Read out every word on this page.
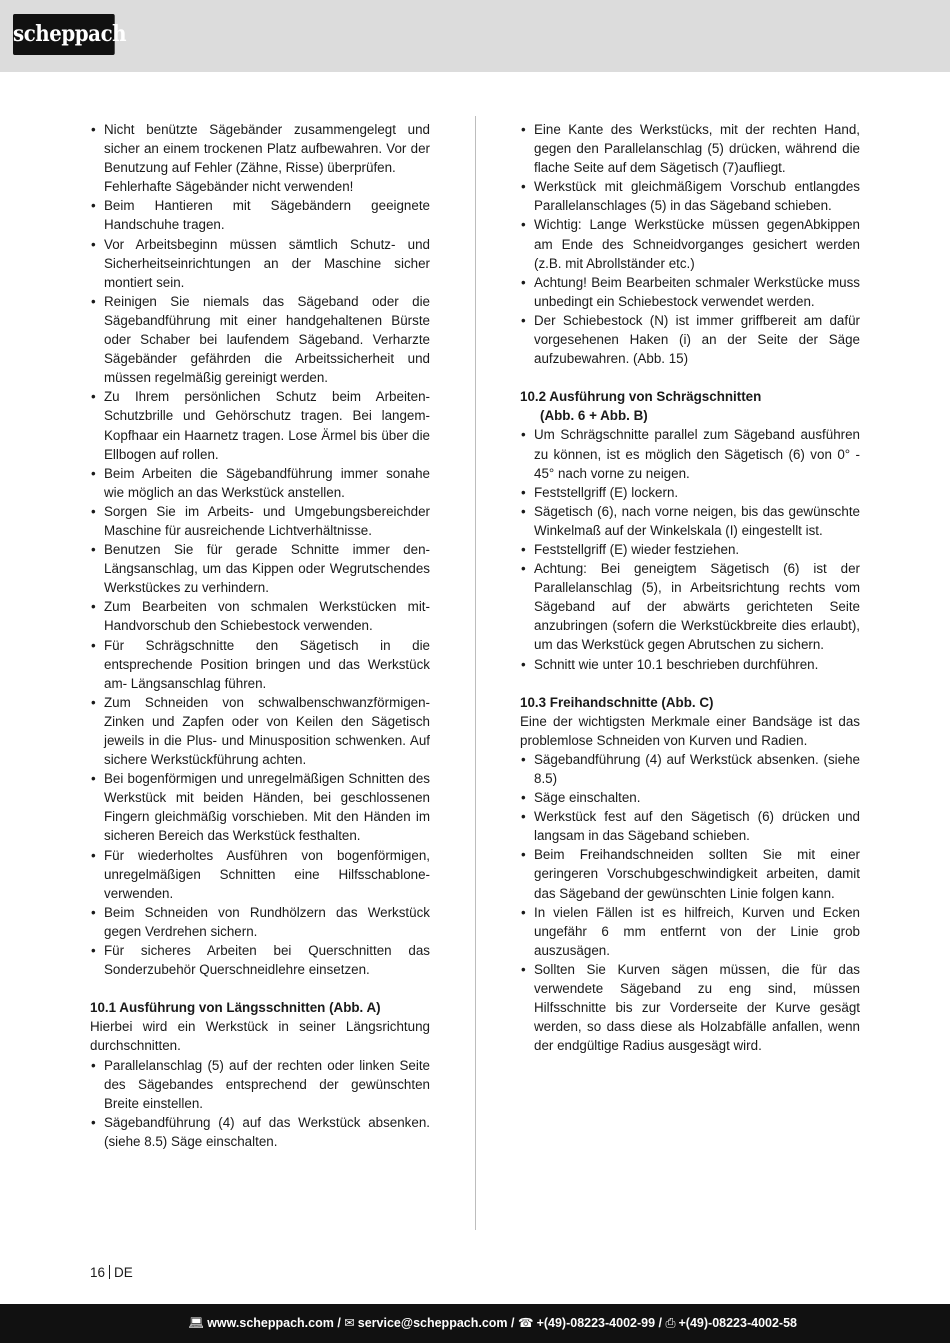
scheppach
• Nicht benützte Sägebänder zusammengelegt und sicher an einem trockenen Platz aufbewahren. Vor der Benutzung auf Fehler (Zähne, Risse) überprüfen.
Fehlerhafte Sägebänder nicht verwenden!
• Beim Hantieren mit Sägebändern geeignete Handschuhe tragen.
• Vor Arbeitsbeginn müssen sämtlich Schutz- und Sicherheitseinrichtungen an der Maschine sicher montiert sein.
• Reinigen Sie niemals das Sägeband oder die Sägebandführung mit einer handgehaltenen Bürste oder Schaber bei laufendem Sägeband. Verharzte Sägebänder gefährden die Arbeitssicherheit und müssen regelmäßig gereinigt werden.
• Zu Ihrem persönlichen Schutz beim Arbeiten- Schutzbrille und Gehörschutz tragen. Bei langem- Kopfhaar ein Haarnetz tragen. Lose Ärmel bis über die Ellbogen auf rollen.
• Beim Arbeiten die Sägebandführung immer sonahe wie möglich an das Werkstück anstellen.
• Sorgen Sie im Arbeits- und Umgebungsbereichder Maschine für ausreichende Lichtverhältnisse.
• Benutzen Sie für gerade Schnitte immer den- Längsanschlag, um das Kippen oder Wegrutschendes Werkstückes zu verhindern.
• Zum Bearbeiten von schmalen Werkstücken mit- Handvorschub den Schiebestock verwenden.
• Für Schrägschnitte den Sägetisch in die entsprechende Position bringen und das Werkstück am- Längsanschlag führen.
• Zum Schneiden von schwalbenschwanzförmigen- Zinken und Zapfen oder von Keilen den Sägetisch jeweils in die Plus- und Minusposition schwenken. Auf sichere Werkstückführung achten.
• Bei bogenförmigen und unregelmäßigen Schnitten des Werkstück mit beiden Händen, bei geschlossenen Fingern gleichmäßig vorschieben. Mit den Händen im sicheren Bereich das Werkstück festhalten.
• Für wiederholtes Ausführen von bogenförmigen, unregelmäßigen Schnitten eine Hilfsschablone- verwenden.
• Beim Schneiden von Rundhölzern das Werkstück gegen Verdrehen sichern.
• Für sicheres Arbeiten bei Querschnitten das Sonderzubehör Querschneidlehre einsetzen.
10.1 Ausführung von Längsschnitten (Abb. A)
Hierbei wird ein Werkstück in seiner Längsrichtung durchschnitten.
• Parallelanschlag (5) auf der rechten oder linken Seite des Sägebandes entsprechend der gewünschten Breite einstellen.
• Sägebandführung (4) auf das Werkstück absenken. (siehe 8.5) Säge einschalten.
• Eine Kante des Werkstücks, mit der rechten Hand, gegen den Parallelanschlag (5) drücken, während die flache Seite auf dem Sägetisch (7)aufliegt.
• Werkstück mit gleichmäßigem Vorschub entlangdes Parallelanschlages (5) in das Sägeband schieben.
• Wichtig: Lange Werkstücke müssen gegenAbkippen am Ende des Schneidvorganges gesichert werden (z.B. mit Abrollständer etc.)
• Achtung! Beim Bearbeiten schmaler Werkstücke muss unbedingt ein Schiebestock verwendet werden.
• Der Schiebestock (N) ist immer griffbereit am dafür vorgesehenen Haken (i) an der Seite der Säge aufzubewahren. (Abb. 15)
10.2 Ausführung von Schrägschnitten
(Abb. 6 + Abb. B)
• Um Schrägschnitte parallel zum Sägeband ausführen zu können, ist es möglich den Sägetisch (6) von 0° - 45° nach vorne zu neigen.
• Feststellgriff (E) lockern.
• Sägetisch (6), nach vorne neigen, bis das gewünschte Winkelmaß auf der Winkelskala (I) eingestellt ist.
• Feststellgriff (E) wieder festziehen.
• Achtung: Bei geneigtem Sägetisch (6) ist der Parallelanschlag (5), in Arbeitsrichtung rechts vom Sägeband auf der abwärts gerichteten Seite anzubringen (sofern die Werkstückbreite dies erlaubt), um das Werkstück gegen Abrutschen zu sichern.
• Schnitt wie unter 10.1 beschrieben durchführen.
10.3 Freihandschnitte (Abb. C)
Eine der wichtigsten Merkmale einer Bandsäge ist das problemlose Schneiden von Kurven und Radien.
• Sägebandführung (4) auf Werkstück absenken. (siehe 8.5)
• Säge einschalten.
• Werkstück fest auf den Sägetisch (6) drücken und langsam in das Sägeband schieben.
• Beim Freihandschneiden sollten Sie mit einer geringeren Vorschubgeschwindigkeit arbeiten, damit das Sägeband der gewünschten Linie folgen kann.
• In vielen Fällen ist es hilfreich, Kurven und Ecken ungefähr 6 mm entfernt von der Linie grob auszusägen.
• Sollten Sie Kurven sägen müssen, die für das verwendete Sägeband zu eng sind, müssen Hilfsschnitte bis zur Vorderseite der Kurve gesägt werden, so dass diese als Holzabfälle anfallen, wenn der endgültige Radius ausgesägt wird.
16 DE
💻︎ www.scheppach.com / ✉︎ service@scheppach.com / ☎︎ +(49)-08223-4002-99 / ⎙ +(49)-08223-4002-58
